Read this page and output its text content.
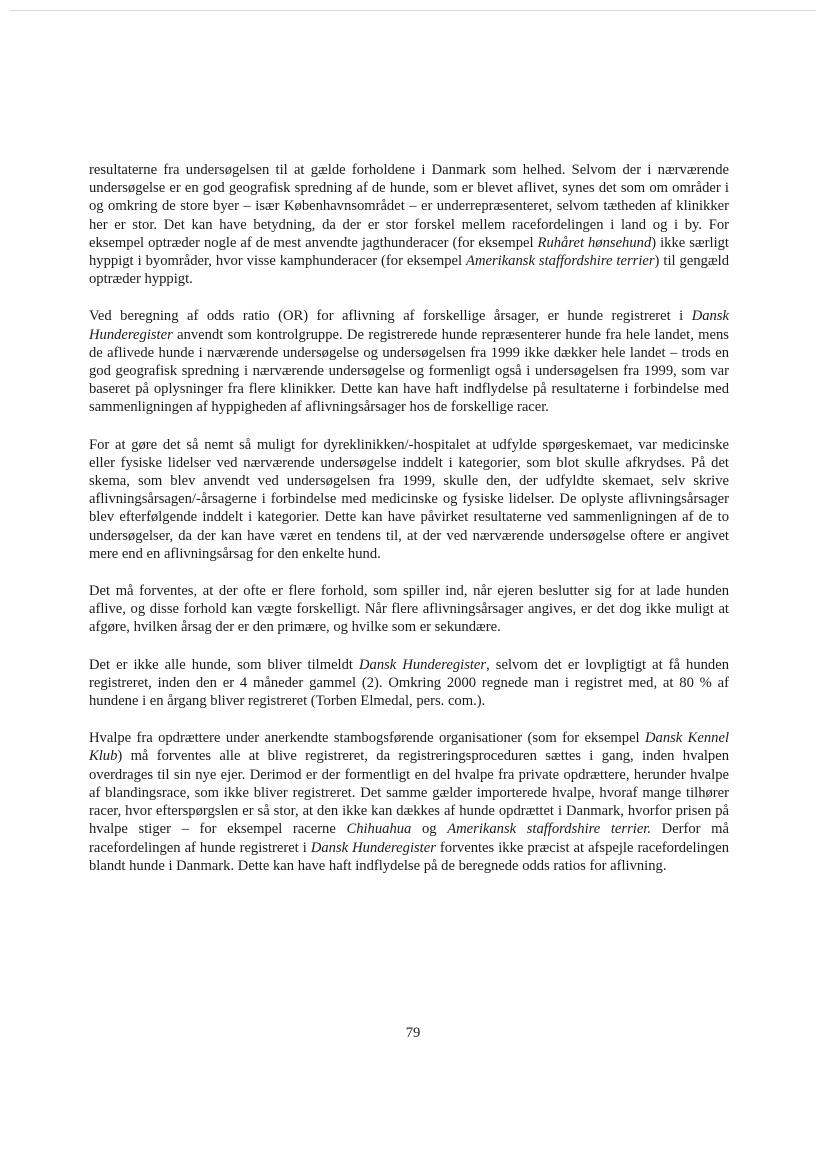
resultaterne fra undersøgelsen til at gælde forholdene i Danmark som helhed. Selvom der i nærværende undersøgelse er en god geografisk spredning af de hunde, som er blevet aflivet, synes det som om områder i og omkring de store byer – især Københavnsområdet – er underrepræsenteret, selvom tætheden af klinikker her er stor. Det kan have betydning, da der er stor forskel mellem racefordelingen i land og i by. For eksempel optræder nogle af de mest anvendte jagthunderacer (for eksempel Ruhåret hønsehund) ikke særligt hyppigt i byområder, hvor visse kamphunderacer (for eksempel Amerikansk staffordshire terrier) til gengæld optræder hyppigt.

Ved beregning af odds ratio (OR) for aflivning af forskellige årsager, er hunde registreret i Dansk Hunderegister anvendt som kontrolgruppe. De registrerede hunde repræsenterer hunde fra hele landet, mens de aflivede hunde i nærværende undersøgelse og undersøgelsen fra 1999 ikke dækker hele landet – trods en god geografisk spredning i nærværende undersøgelse og formenligt også i undersøgelsen fra 1999, som var baseret på oplysninger fra flere klinikker. Dette kan have haft indflydelse på resultaterne i forbindelse med sammenligningen af hyppigheden af aflivningsårsager hos de forskellige racer.

For at gøre det så nemt så muligt for dyreklinikken/-hospitalet at udfylde spørgeskemaet, var medicinske eller fysiske lidelser ved nærværende undersøgelse inddelt i kategorier, som blot skulle afkrydses. På det skema, som blev anvendt ved undersøgelsen fra 1999, skulle den, der udfyldte skemaet, selv skrive aflivningsårsagen/-årsagerne i forbindelse med medicinske og fysiske lidelser. De oplyste aflivningsårsager blev efterfølgende inddelt i kategorier. Dette kan have påvirket resultaterne ved sammenligningen af de to undersøgelser, da der kan have været en tendens til, at der ved nærværende undersøgelse oftere er angivet mere end en aflivningsårsag for den enkelte hund.

Det må forventes, at der ofte er flere forhold, som spiller ind, når ejeren beslutter sig for at lade hunden aflive, og disse forhold kan vægte forskelligt. Når flere aflivningsårsager angives, er det dog ikke muligt at afgøre, hvilken årsag der er den primære, og hvilke som er sekundære.

Det er ikke alle hunde, som bliver tilmeldt Dansk Hunderegister, selvom det er lovpligtigt at få hunden registreret, inden den er 4 måneder gammel (2). Omkring 2000 regnede man i registret med, at 80 % af hundene i en årgang bliver registreret (Torben Elmedal, pers. com.).

Hvalpe fra opdrættere under anerkendte stambogsførende organisationer (som for eksempel Dansk Kennel Klub) må forventes alle at blive registreret, da registreringsproceduren sættes i gang, inden hvalpen overdrages til sin nye ejer. Derimod er der formentligt en del hvalpe fra private opdrættere, herunder hvalpe af blandingsrace, som ikke bliver registreret. Det samme gælder importerede hvalpe, hvoraf mange tilhører racer, hvor efterspørgslen er så stor, at den ikke kan dækkes af hunde opdrættet i Danmark, hvorfor prisen på hvalpe stiger – for eksempel racerne Chihuahua og Amerikansk staffordshire terrier. Derfor må racefordelingen af hunde registreret i Dansk Hunderegister forventes ikke præcist at afspejle racefordelingen blandt hunde i Danmark. Dette kan have haft indflydelse på de beregnede odds ratios for aflivning.

79
